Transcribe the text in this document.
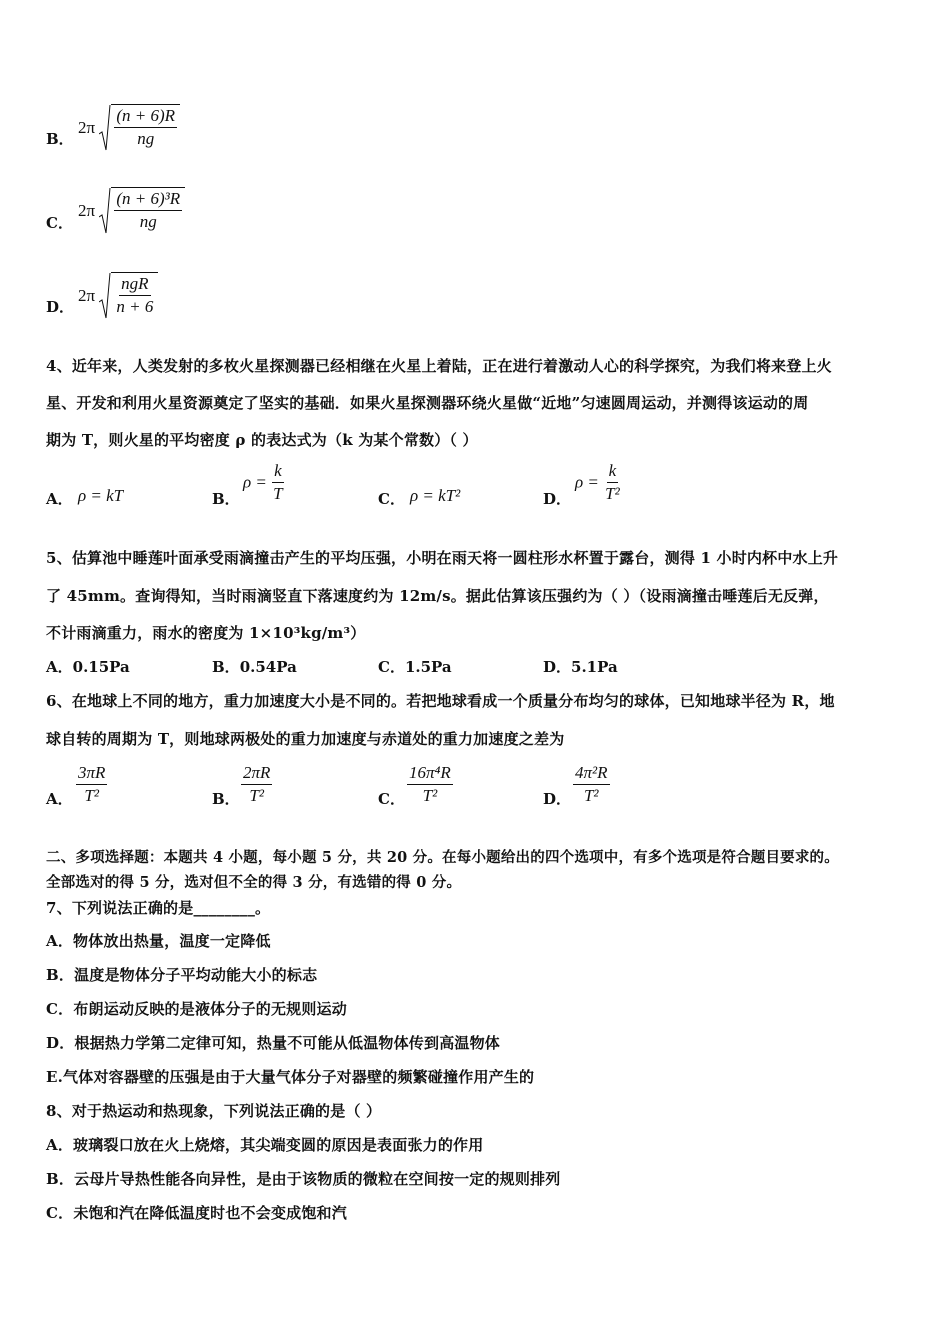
B．
$2\pi \frac{(n + 6)R}{ng}$
C．
$2\pi \frac{\text{(n + 6)³R}}{ng}$
D．
$2\pi \frac{\text{ngR}}{n + 6}$
4、近年来，人类发射的多枚火星探测器已经相继在火星上着陆，正在进行着激动人心的科学探究，为我们将来登上火
星、开发和利用火星资源奠定了坚实的基础．如果火星探测器环绕火星做“近地”匀速圆周运动，并测得该运动的周
期为 T，则火星的平均密度 ρ 的表达式为（k 为某个常数）（ ）
A． ρ = kT	B．
$\rho = \frac{k}{T}$	C． ρ = kT²	D．
$\rho = \frac{k}{\text{T²}}$
5、估算池中睡莲叶面承受雨滴撞击产生的平均压强，小明在雨天将一圆柱形水杯置于露台，测得 1 小时内杯中水上升
了 45mm。查询得知，当时雨滴竖直下落速度约为 12m/s。据此估算该压强约为（ ）（设雨滴撞击唾莲后无反弹，
不计雨滴重力，雨水的密度为 1×10³kg/m³）
A．0.15Pa	B．0.54Pa	C．1.5Pa	D．5.1Pa
6、在地球上不同的地方，重力加速度大小是不同的。若把地球看成一个质量分布均匀的球体，已知地球半径为 R，地
球自转的周期为 T，则地球两极处的重力加速度与赤道处的重力加速度之差为
A． $\frac{3\pi R}{\text{T²}}$	B． $\frac{2\pi R}{\text{T²}}$	C． $\frac{\text{16π⁴R}}{\text{T²}}$	D． $\frac{\text{4π²R}}{\text{T²}}$
二、多项选择题：本题共 4 小题，每小题 5 分，共 20 分。在每小题给出的四个选项中，有多个选项是符合题目要求的。
全部选对的得 5 分，选对但不全的得 3 分，有选错的得 0 分。
7、下列说法正确的是________。
A．物体放出热量，温度一定降低
B．温度是物体分子平均动能大小的标志
C．布朗运动反映的是液体分子的无规则运动
D．根据热力学第二定律可知，热量不可能从低温物体传到高温物体
E.气体对容器壁的压强是由于大量气体分子对器壁的频繁碰撞作用产生的
8、对于热运动和热现象，下列说法正确的是（ ）
A．玻璃裂口放在火上烧熔，其尖端变圆的原因是表面张力的作用
B．云母片导热性能各向异性，是由于该物质的微粒在空间按一定的规则排列
C．未饱和汽在降低温度时也不会变成饱和汽
